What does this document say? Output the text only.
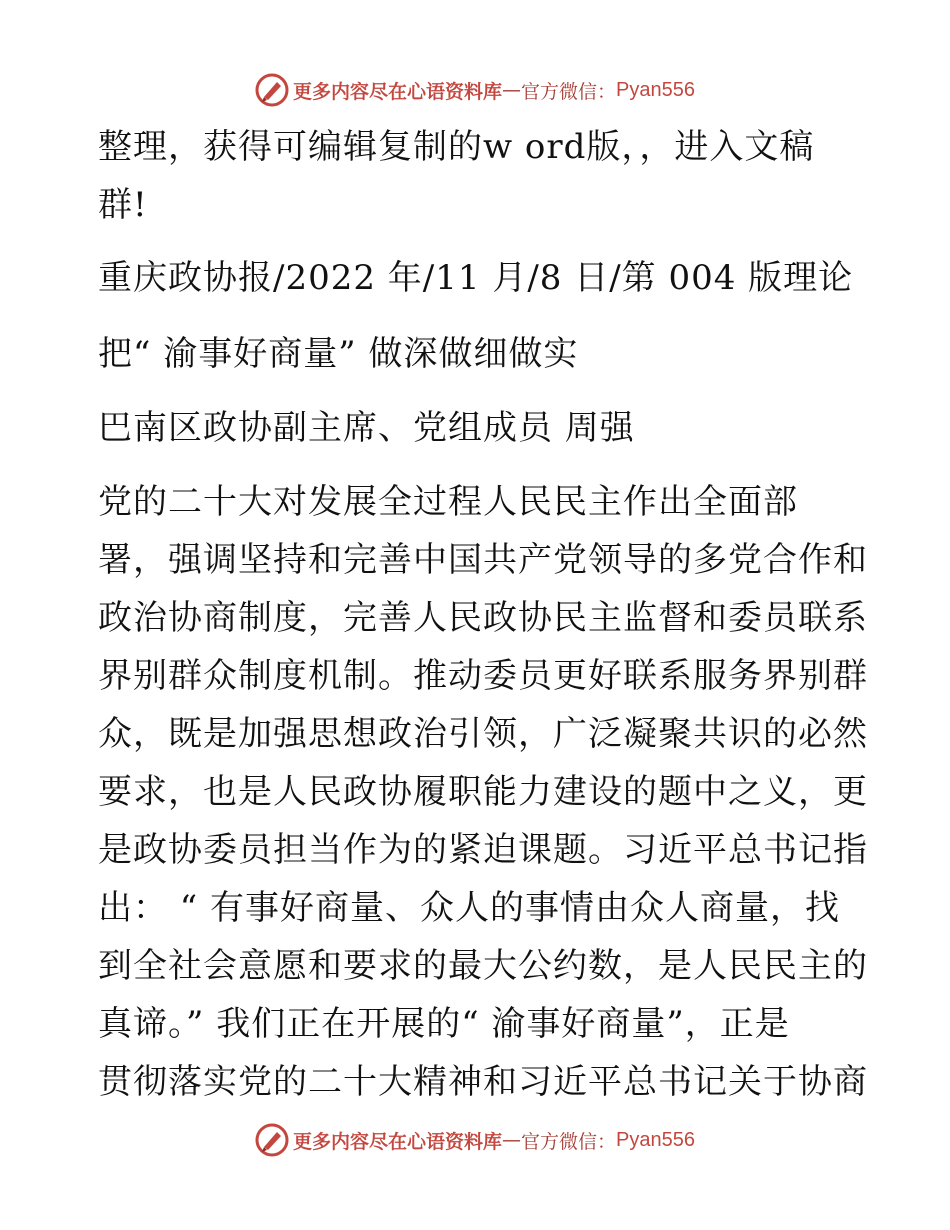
更多内容尽在心语资料库 — 官方微信： Pyan556
整理，获得可编辑复制的w ord版，，进入文稿
群!
重庆政协报/2022 年/11 月/8 日/第 004 版理论
把“ 渝事好商量” 做深做细做实
巴南区政协副主席、党组成员 周强
党的二十大对发展全过程人民民主作出全面部
署，强调坚持和完善中国共产党领导的多党合作和
政治协商制度，完善人民政协民主监督和委员联系
界别群众制度机制。推动委员更好联系服务界别群
众，既是加强思想政治引领，广泛凝聚共识的必然
要求，也是人民政协履职能力建设的题中之义，更
是政协委员担当作为的紧迫课题。习近平总书记指
出： “ 有事好商量、众人的事情由众人商量，找
到全社会意愿和要求的最大公约数，是人民民主的
真谛。” 我们正在开展的“ 渝事好商量”，正是
贯彻落实党的二十大精神和习近平总书记关于协商
更多内容尽在心语资料库 — 官方微信： Pyan556
